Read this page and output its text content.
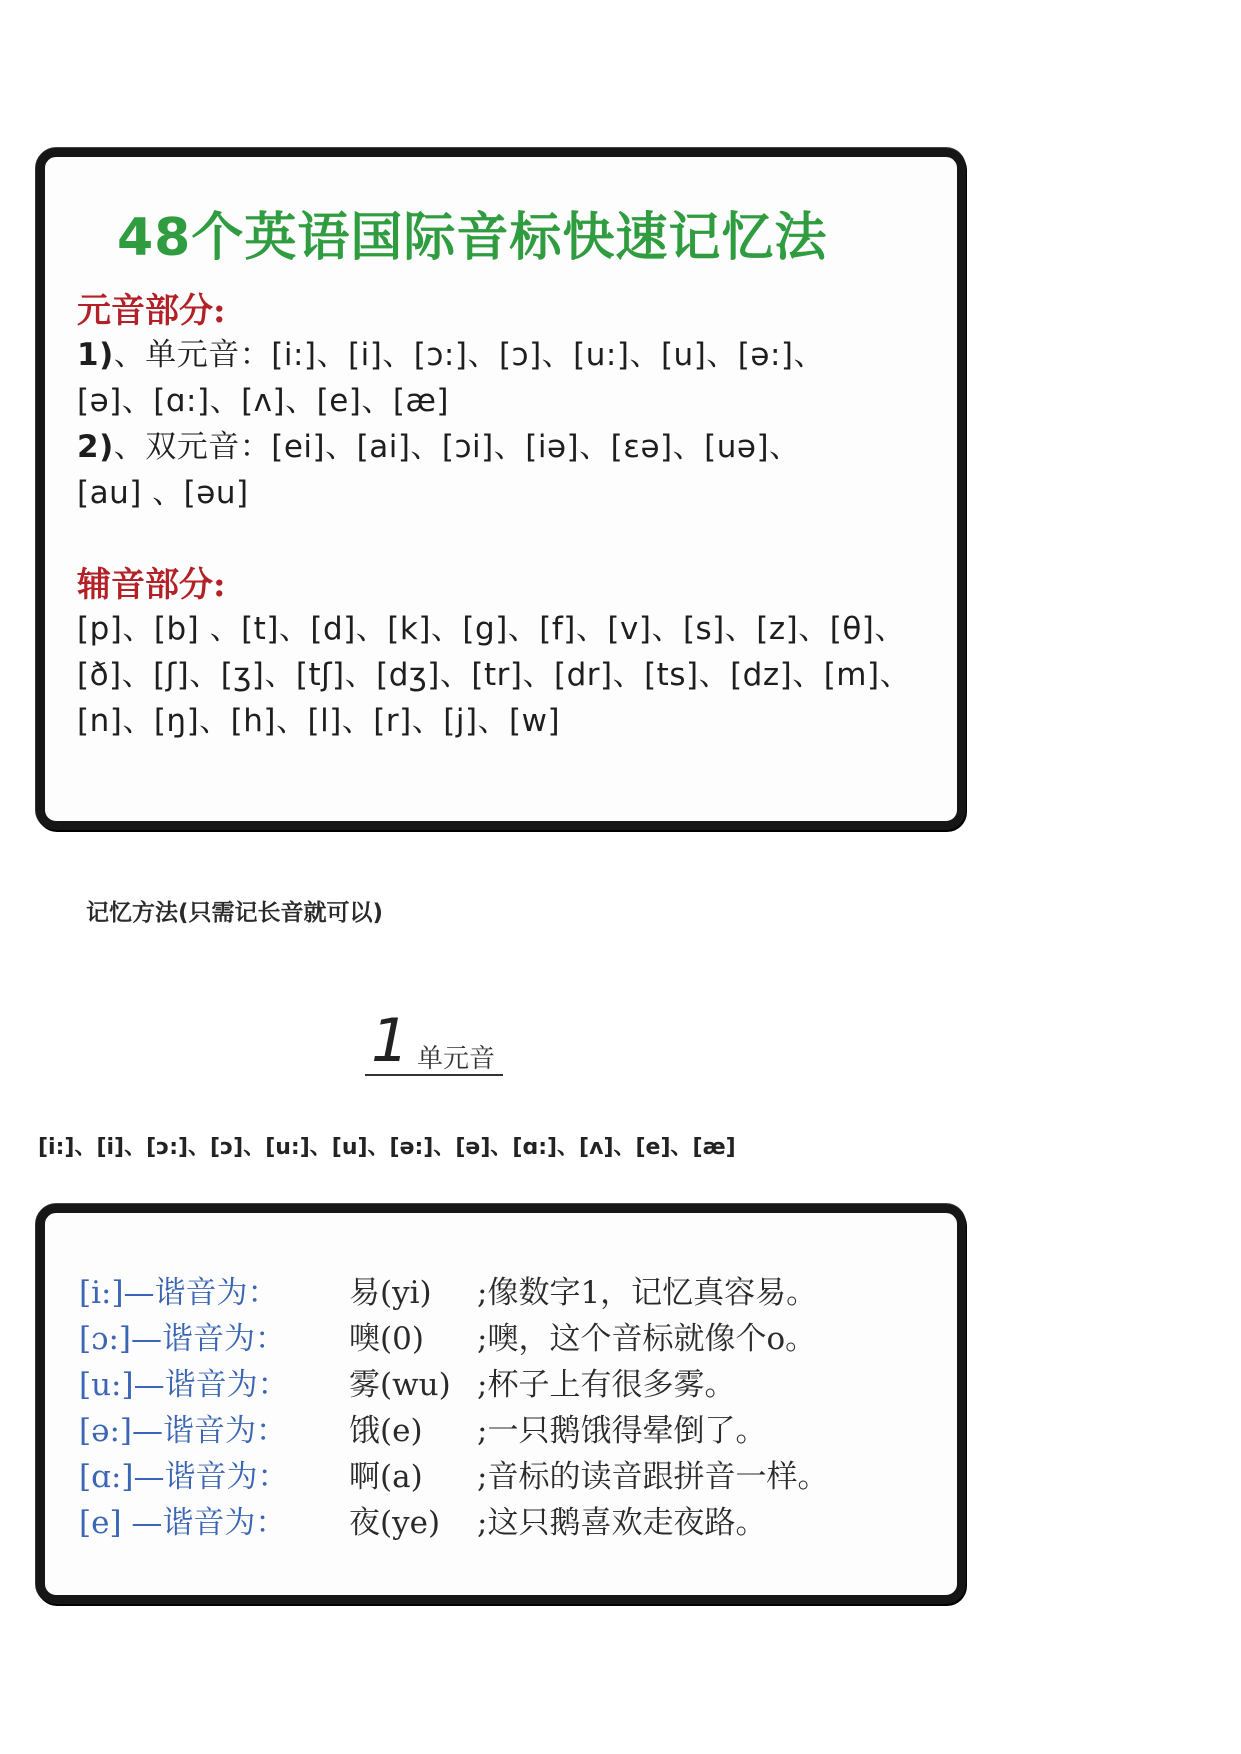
48个英语国际音标快速记忆法
元音部分:
1)、单元音：[i:]、[i]、[ɔ:]、[ɔ]、[u:]、[u]、[ə:]、
[ə]、[ɑ:]、[ʌ]、[e]、[æ]
2)、双元音：[ei]、[ai]、[ɔi]、[iə]、[εə]、[uə]、
[au] 、[əu]
辅音部分:
[p]、[b] 、[t]、[d]、[k]、[g]、[f]、[v]、[s]、[z]、[θ]、
[ð]、[ʃ]、[ʒ]、[tʃ]、[dʒ]、[tr]、[dr]、[ts]、[dz]、[m]、
[n]、[ŋ]、[h]、[l]、[r]、[j]、[w]
记忆方法(只需记长音就可以)
1 单元音
[i:]、[i]、[ɔ:]、[ɔ]、[u:]、[u]、[ə:]、[ə]、[ɑ:]、[ʌ]、[e]、[æ]
[i:]—谐音为： 易(yi) ;像数字1，记忆真容易。
[ɔ:]—谐音为： 噢(0) ;噢，这个音标就像个o。
[u:]—谐音为： 雾(wu) ;杯子上有很多雾。
[ə:]—谐音为： 饿(e) ;一只鹅饿得晕倒了。
[ɑ:]—谐音为： 啊(a) ;音标的读音跟拼音一样。
[e] —谐音为： 夜(ye) ;这只鹅喜欢走夜路。
